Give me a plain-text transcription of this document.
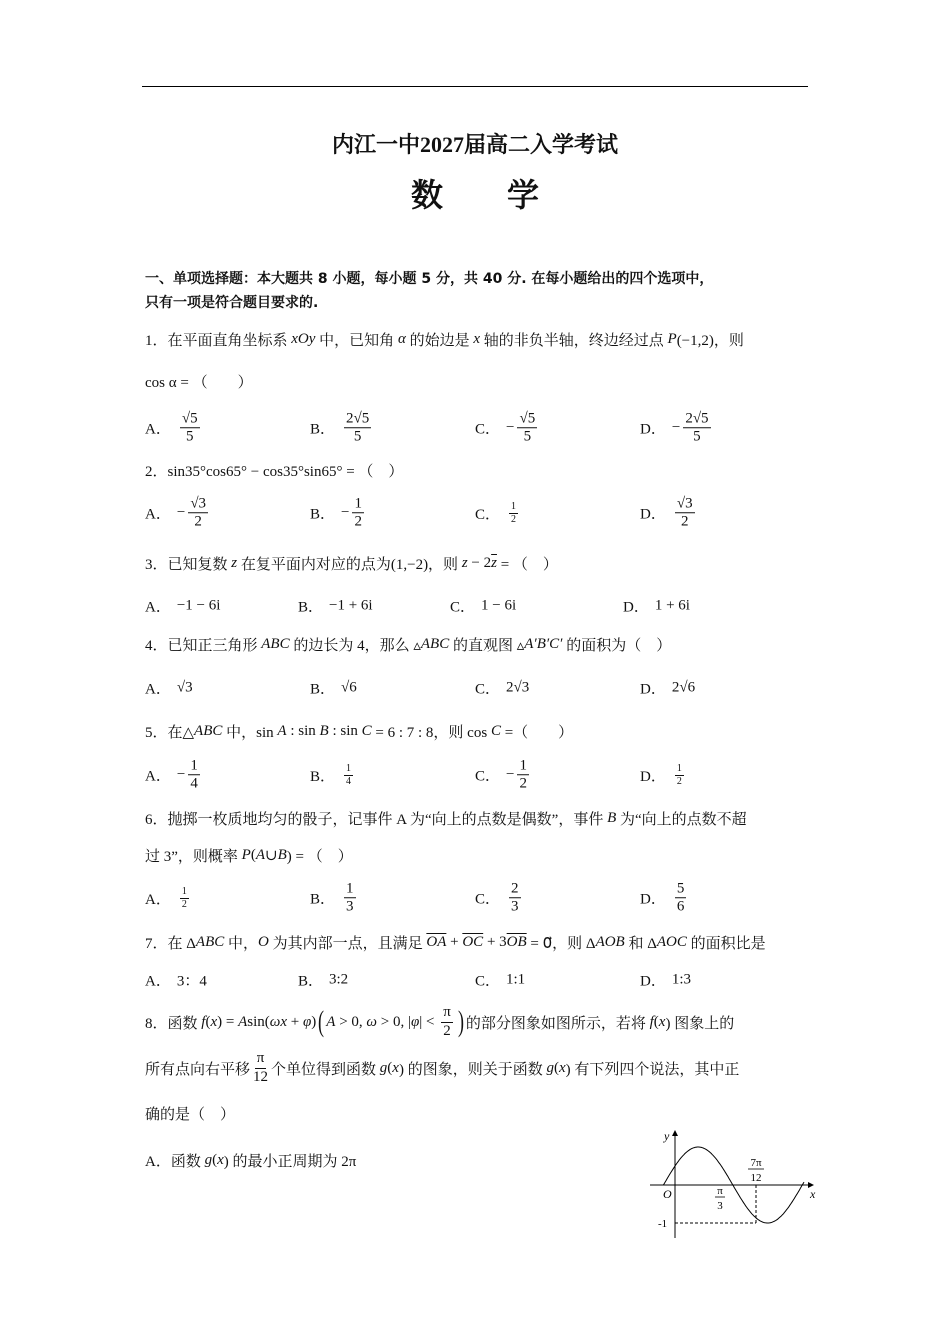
内江一中2027届高二入学考试
数　　学
一、单项选择题：本大题共 8 小题，每小题 5 分，共 40 分. 在每小题给出的四个选项中，
只有一项是符合题目要求的.
1．在平面直角坐标系 xOy 中，已知角 α 的始边是 x 轴的非负半轴，终边经过点 P (−1,2)，则
cos α = （　　）
A． $\frac{√5}{5}$	B． $\frac{2√5}{5}$	C． − $\frac{√5}{5}$	D． − $\frac{2√5}{5}$
2．sin35°cos65° − cos35°sin65° = （　）
A． − $\frac{√3}{2}$	B． − $\frac{1}{2}$	C． $\frac{1}{2}$	D． $\frac{√3}{2}$
3．已知复数 z 在复平面内对应的点为(1,−2)，则 z − 2 $\overline{z}$ = （　）
A． −1 − 6i	B． −1 + 6i	C． 1 − 6i	D． 1 + 6i
4．已知正三角形 ABC 的边长为 4，那么 ▵ ABC 的直观图 ▵ A′B′C′ 的面积为（　）
A． √3	B． √6	C． 2√3	D． 2√6
5．在△ ABC 中，sin A : sin B : sin C = 6 : 7 : 8，则 cos C =（　　）
A． − $\frac{1}{4}$	B． $\frac{1}{4}$	C． − $\frac{1}{2}$	D． $\frac{1}{2}$
6．抛掷一枚质地均匀的骰子，记事件 A 为“向上的点数是偶数”，事件 B 为“向上的点数不超
过 3”，则概率 P ( A ∪ B ) = （　）
A． $\frac{1}{2}$	B． $\frac{1}{3}$	C． $\frac{2}{3}$	D． $\frac{5}{6}$
7．在 Δ ABC 中， O 为其内部一点，且满足 $\overline{OA} + \overline{OC} + 3$ $\overline{OB}$ = 0⃗，则 Δ AOB 和 Δ AOC 的面积比是
A． 3：4	B． 3:2	C． 1:1	D． 1:3
8．函数 f ( x ) = A sin( ωx + φ ) ( A > 0, ω > 0, | φ | < $\frac{\pi}{2}$ ) 的部分图象如图所示，若将 f ( x ) 图象上的
所有点向右平移 $\frac{\pi}{12}$ 个单位得到函数 g ( x ) 的图象，则关于函数 g ( x ) 有下列四个说法，其中正
确的是（　）
A．函数 g ( x ) 的最小正周期为 2π
y
x
O	π
3
7π
12
-1
